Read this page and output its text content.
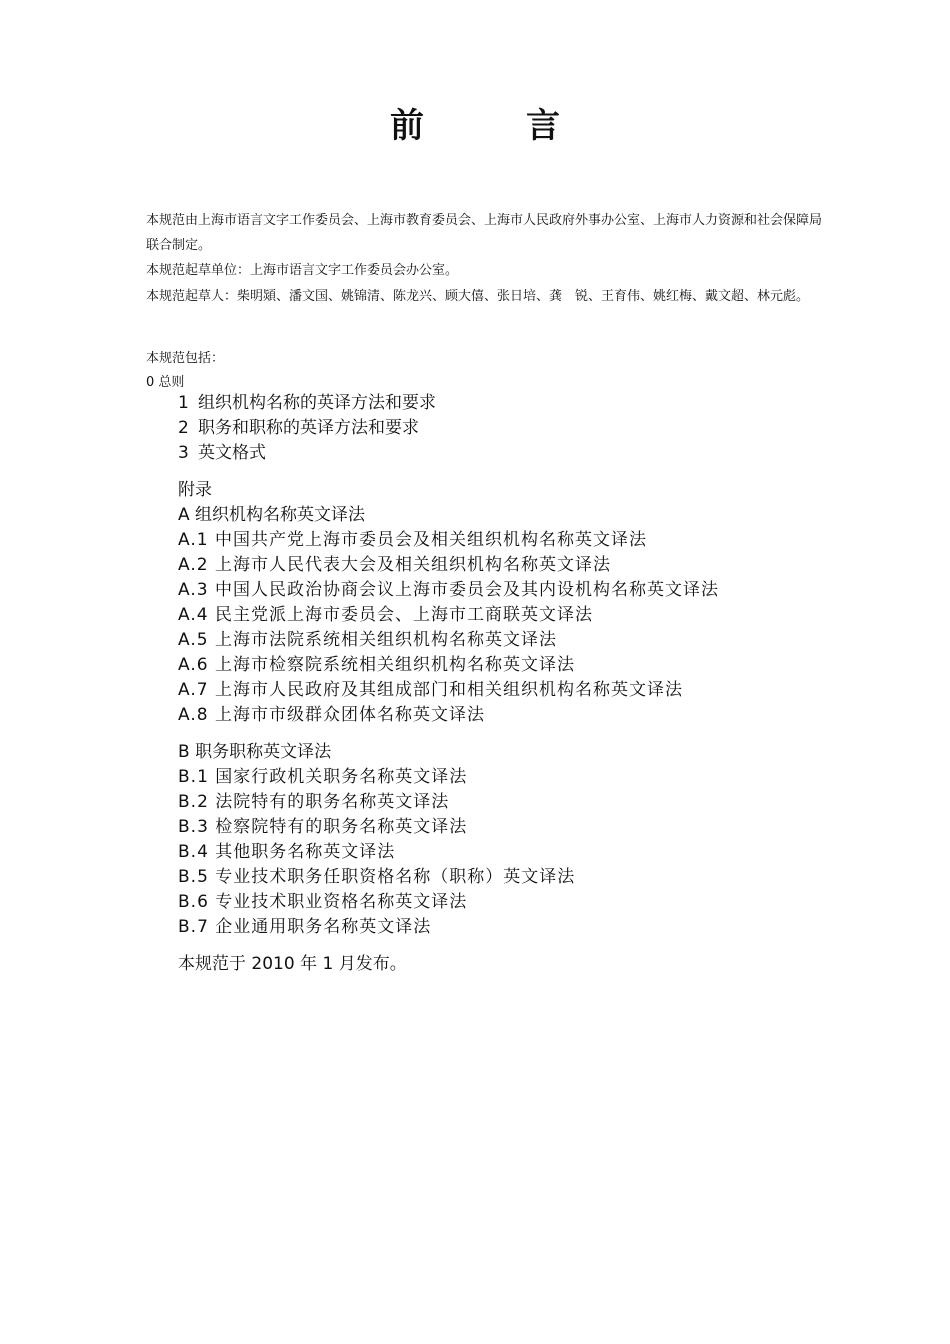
前　言
本规范由上海市语言文字工作委员会、上海市教育委员会、上海市人民政府外事办公室、上海市人力资源和社会保障局联合制定。
本规范起草单位：上海市语言文字工作委员会办公室。
本规范起草人：柴明熲、潘文国、姚锦清、陈龙兴、顾大僖、张日培、龚　锐、王育伟、姚红梅、戴文超、林元彪。
本规范包括：
0 总则
1 组织机构名称的英译方法和要求
2 职务和职称的英译方法和要求
3 英文格式
附录
A 组织机构名称英文译法
A.1 中国共产党上海市委员会及相关组织机构名称英文译法
A.2 上海市人民代表大会及相关组织机构名称英文译法
A.3 中国人民政治协商会议上海市委员会及其内设机构名称英文译法
A.4 民主党派上海市委员会、上海市工商联英文译法
A.5 上海市法院系统相关组织机构名称英文译法
A.6 上海市检察院系统相关组织机构名称英文译法
A.7 上海市人民政府及其组成部门和相关组织机构名称英文译法
A.8 上海市市级群众团体名称英文译法
B 职务职称英文译法
B.1 国家行政机关职务名称英文译法
B.2 法院特有的职务名称英文译法
B.3 检察院特有的职务名称英文译法
B.4 其他职务名称英文译法
B.5 专业技术职务任职资格名称（职称）英文译法
B.6 专业技术职业资格名称英文译法
B.7 企业通用职务名称英文译法
本规范于 2010 年 1 月发布。
